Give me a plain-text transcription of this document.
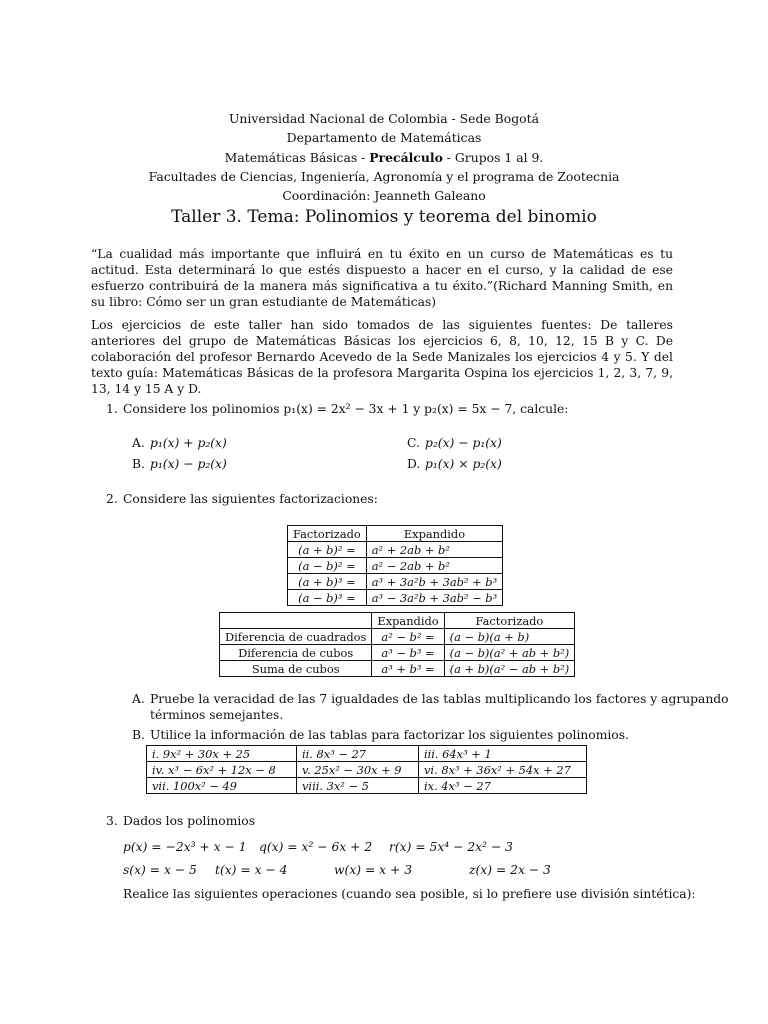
Universidad Nacional de Colombia - Sede Bogotá
Departamento de Matemáticas
Matemáticas Básicas - Precálculo - Grupos 1 al 9.
Facultades de Ciencias, Ingeniería, Agronomía y el programa de Zootecnia
Coordinación: Jeanneth Galeano
Taller 3. Tema: Polinomios y teorema del binomio
“La cualidad más importante que influirá en tu éxito en un curso de Matemáticas es tu actitud. Esta determinará lo que estés dispuesto a hacer en el curso, y la calidad de ese esfuerzo contribuirá de la manera más significativa a tu éxito.”(Richard Manning Smith, en su libro: Cómo ser un gran estudiante de Matemáticas)
Los ejercicios de este taller han sido tomados de las siguientes fuentes: De talleres anteriores del grupo de Matemáticas Básicas los ejercicios 6, 8, 10, 12, 15 B y C. De colaboración del profesor Bernardo Acevedo de la Sede Manizales los ejercicios 4 y 5. Y del texto guía: Matemáticas Básicas de la profesora Margarita Ospina los ejercicios 1, 2, 3, 7, 9, 13, 14 y 15 A y D.
1. Considere los polinomios p₁(x) = 2x² − 3x + 1 y p₂(x) = 5x − 7, calcule:
A. p₁(x) + p₂(x)	C. p₂(x) − p₁(x)
B. p₁(x) − p₂(x)	D. p₁(x) × p₂(x)
2. Considere las siguientes factorizaciones:
Factorizado	Expandido
(a + b)² =	a² + 2ab + b²
(a − b)² =	a² − 2ab + b²
(a + b)³ =	a³ + 3a²b + 3ab² + b³
(a − b)³ =	a³ − 3a²b + 3ab² − b³
	Expandido	Factorizado
Diferencia de cuadrados	a² − b² =	(a − b)(a + b)
Diferencia de cubos	a³ − b³ =	(a − b)(a² + ab + b²)
Suma de cubos	a³ + b³ =	(a + b)(a² − ab + b²)
A. Pruebe la veracidad de las 7 igualdades de las tablas multiplicando los factores y agrupando
términos semejantes.
B. Utilice la información de las tablas para factorizar los siguientes polinomios.
i. 9x² + 30x + 25	ii. 8x³ − 27	iii. 64x³ + 1
iv. x³ − 6x² + 12x − 8	v. 25x² − 30x + 9	vi. 8x³ + 36x² + 54x + 27
vii. 100x² − 49	viii. 3x² − 5	ix. 4x³ − 27
3. Dados los polinomios
p(x) = −2x³ + x − 1 q(x) = x² − 6x + 2 r(x) = 5x⁴ − 2x² − 3
s(x) = x − 5 t(x) = x − 4	w(x) = x + 3	z(x) = 2x − 3
Realice las siguientes operaciones (cuando sea posible, si lo prefiere use división sintética):
